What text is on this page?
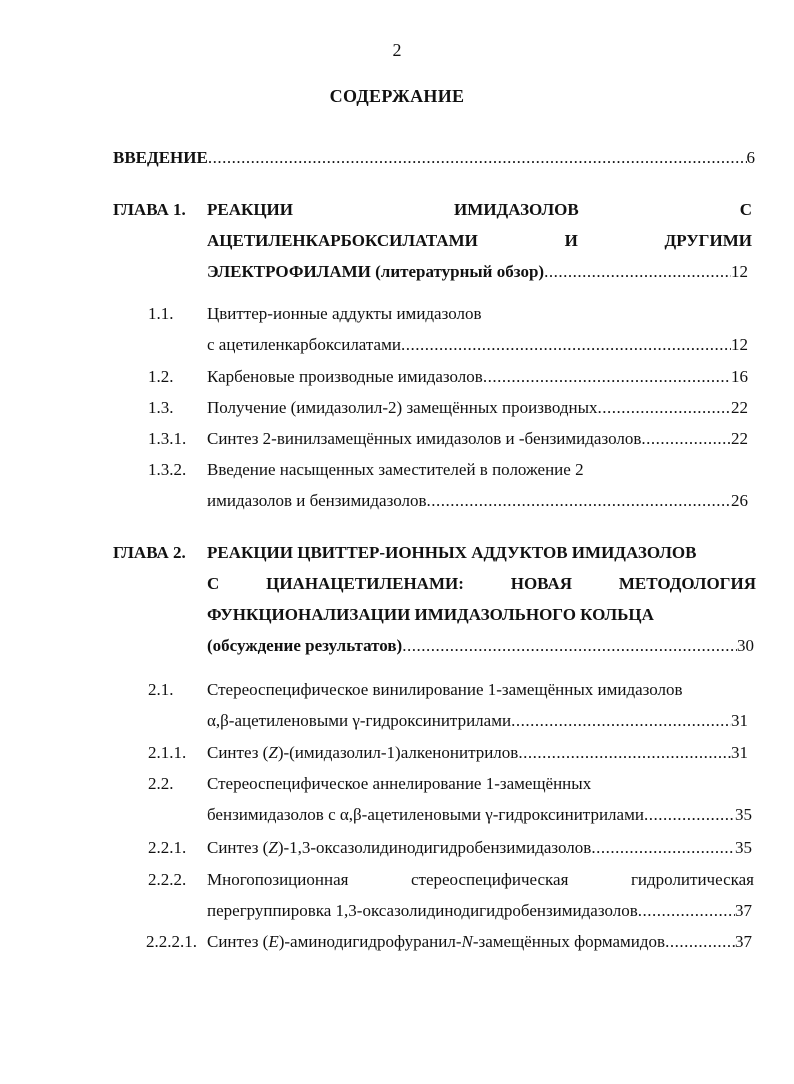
2
СОДЕРЖАНИЕ
ВВЕДЕНИЕ .....	6
ГЛАВА 1. РЕАКЦИИ	ИМИДАЗОЛОВ	С
АЦЕТИЛЕНКАРБОКСИЛАТАМИ	И	ДРУГИМИ
ЭЛЕКТРОФИЛАМИ (литературный обзор) .....	12
1.1. Цвиттер-ионные аддукты имидазолов
с ацетиленкарбоксилатами .....	12
1.2. Карбеновые производные имидазолов .....	16
1.3. Получение (имидазолил-2) замещённых производных .....	22
1.3.1. Синтез 2-винилзамещённых имидазолов и -бензимидазолов .....	22
1.3.2. Введение насыщенных заместителей в положение 2
имидазолов и бензимидазолов .....	26
ГЛАВА 2. РЕАКЦИИ ЦВИТТЕР-ИОННЫХ АДДУКТОВ ИМИДАЗОЛОВ
С	ЦИАНАЦЕТИЛЕНАМИ:	НОВАЯ	МЕТОДОЛОГИЯ
ФУНКЦИОНАЛИЗАЦИИ ИМИДАЗОЛЬНОГО КОЛЬЦА
(обсуждение результатов) .....	30
2.1. Стереоспецифическое винилирование 1-замещённых имидазолов
α,β-ацетиленовыми γ-гидроксинитрилами .....	31
2.1.1. Синтез (Z)-(имидазолил-1)алкенонитрилов .....	31
2.2. Стереоспецифическое аннелирование 1-замещённых
бензимидазолов с α,β-ацетиленовыми γ-гидроксинитрилами .....	35
2.2.1. Синтез (Z)-1,3-оксазолидинодигидробензимидазолов .....	35
2.2.2. Многопозиционная	стереоспецифическая	гидролитическая
перегруппировка 1,3-оксазолидинодигидробензимидазолов .....	37
2.2.2.1. Синтез (E)-аминодигидрофуранил-N-замещённых формамидов .....	37
